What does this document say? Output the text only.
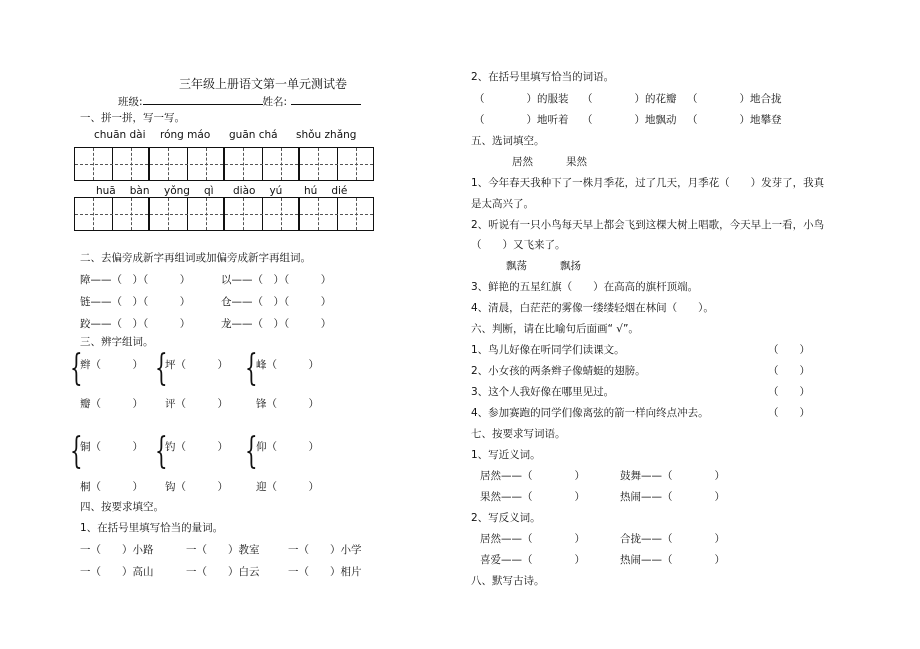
三年级上册语文第一单元测试卷
班级:	姓名:
一、拼一拼，写一写。
chuān dài róng máo guān chá shǒu zhǎng
huā bàn yǒng qì diào yú hú dié
二、去偏旁成新字再组词或加偏旁成新字再组词。
障——（　）（　　　）	以——（　）（　　　）
链——（　）（　　　）	仓——（　）（　　　）
跤——（　）（　　　）	龙——（　）（　　　）
三、辨字组词。
{ { {
辫（　　　） 坪（　　　）	峰（　　　）
瓣（　　　） 评（　　　）	锋（　　　）
{ { {
铜（　　　） 钓（　　　）	仰（　　　）
桐（　　　） 钩（　　　）	迎（　　　）
四、按要求填空。
1、在括号里填写恰当的量词。
一（　　）小路	一（　　）教室	一（　　）小学
一（　　）高山	一（　　）白云	一（　　）相片
2、在括号里填写恰当的词语。
（　　　　）的服装 （　　　　）的花瓣 （　　　　）地合拢
（　　　　）地听着 （　　　　）地飘动 （　　　　）地攀登
五、选词填空。
居然	果然
1、今年春天我种下了一株月季花，过了几天，月季花（　　）发芽了，我真
是太高兴了。
2、听说有一只小鸟每天早上都会飞到这棵大树上唱歌，今天早上一看，小鸟
（　　）又飞来了。
飘荡	飘扬
3、鲜艳的五星红旗（　　）在高高的旗杆顶端。
4、清晨，白茫茫的雾像一缕缕轻烟在林间（　　）。
六、判断，请在比喻句后面画“ √”。
1、鸟儿好像在听同学们读课文。	（　　）
2、小女孩的两条辫子像蜻蜓的翅膀。	（　　）
3、这个人我好像在哪里见过。	（　　）
4、参加赛跑的同学们像离弦的箭一样向终点冲去。	（　　）
七、按要求写词语。
1、写近义词。
居然——（　　　　）	鼓舞——（　　　　）
果然——（　　　　）	热闹——（　　　　）
2、写反义词。
居然——（　　　　）	合拢——（　　　　）
喜爱——（　　　　）	热闹——（　　　　）
八、默写古诗。
